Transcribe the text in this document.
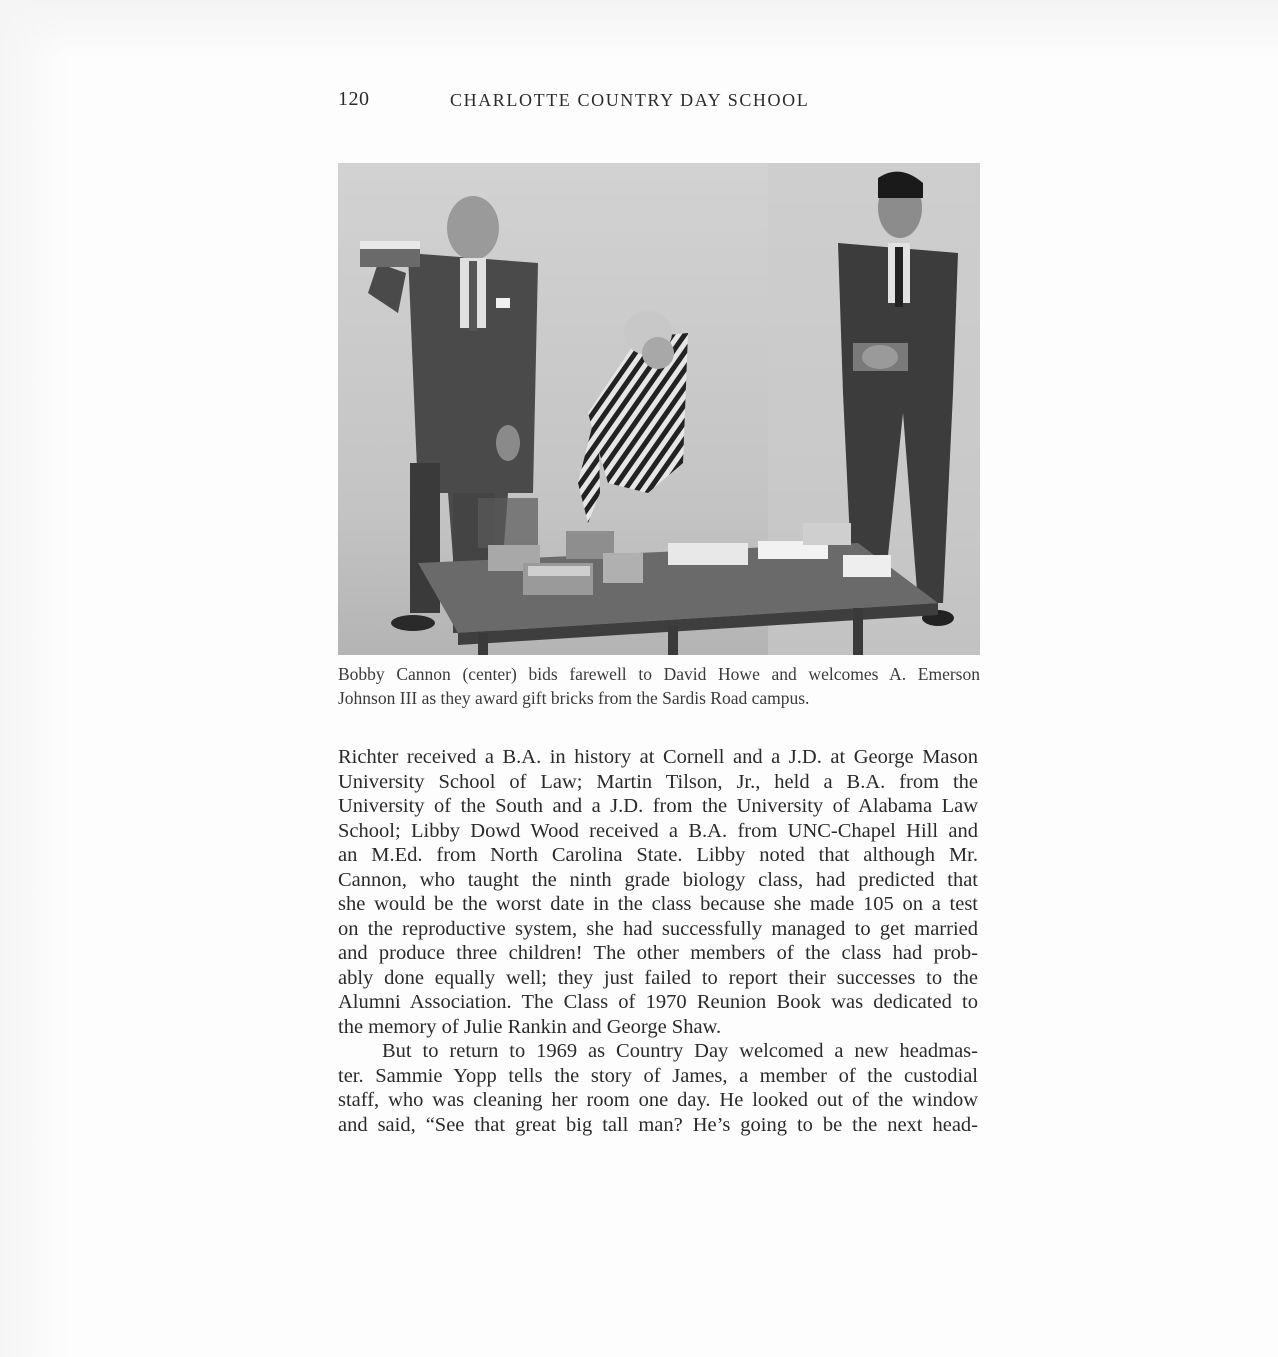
120	CHARLOTTE COUNTRY DAY SCHOOL
Bobby Cannon (center) bids farewell to David Howe and welcomes A. Emerson
Johnson III as they award gift bricks from the Sardis Road campus.

Richter received a B.A. in history at Cornell and a J.D. at George Mason

University School of Law; Martin Tilson, Jr., held a B.A. from the

University of the South and a J.D. from the University of Alabama Law

School; Libby Dowd Wood received a B.A. from UNC-Chapel Hill and

an M.Ed. from North Carolina State. Libby noted that although Mr.

Cannon, who taught the ninth grade biology class, had predicted that

she would be the worst date in the class because she made 105 on a test

on the reproductive system, she had successfully managed to get married

and produce three children! The other members of the class had prob-

ably done equally well; they just failed to report their successes to the

Alumni Association. The Class of 1970 Reunion Book was dedicated to

the memory of Julie Rankin and George Shaw.

But to return to 1969 as Country Day welcomed a new headmas-

ter. Sammie Yopp tells the story of James, a member of the custodial

staff, who was cleaning her room one day. He looked out of the window

and said, “See that great big tall man? He’s going to be the next head-
